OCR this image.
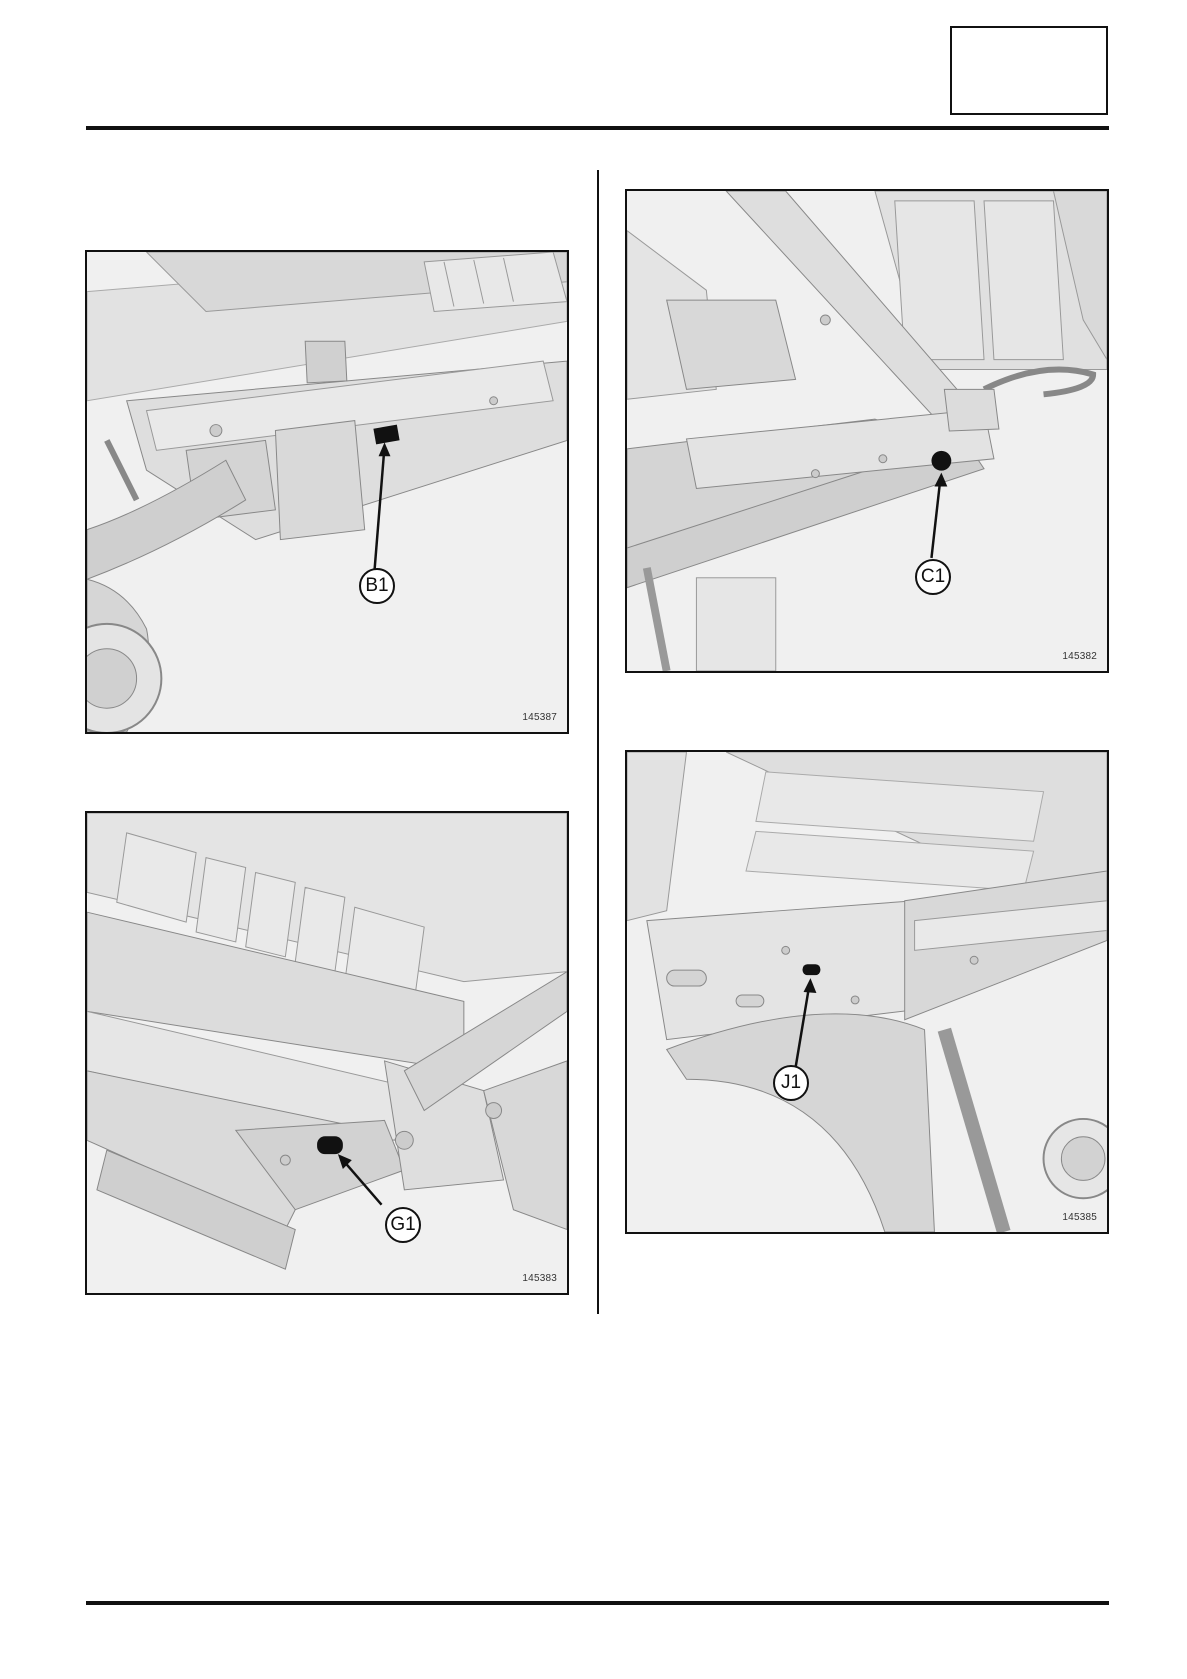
B1
145387
C1
145382
G1
145383
J1
145385
